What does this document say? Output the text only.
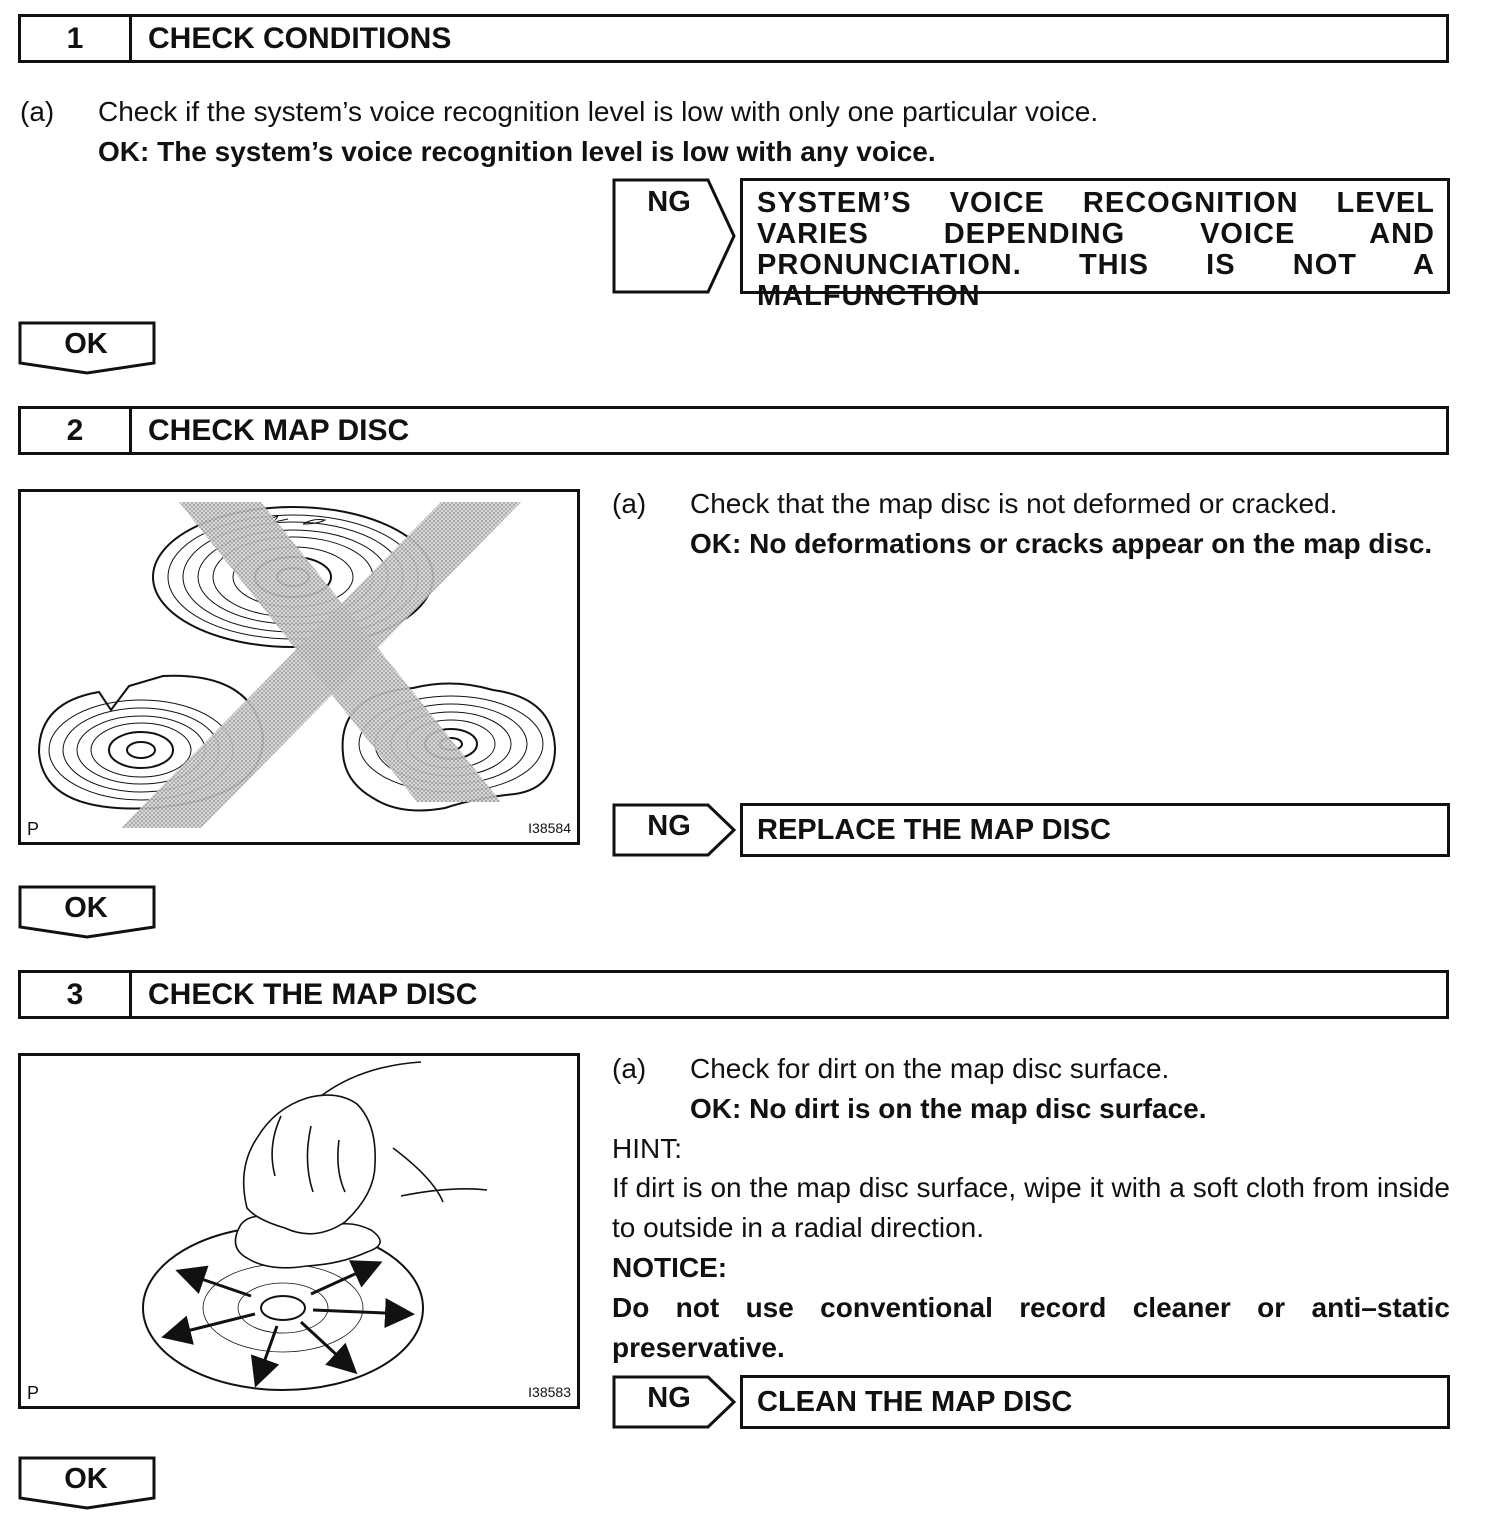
1	CHECK CONDITIONS
(a) Check if the system’s voice recognition level is low with only one particular voice.
OK: The system’s voice recognition level is low with any voice.
NG	SYSTEM’S VOICE RECOGNITION LEVEL VARIES DEPENDING VOICE AND PRONUNCIATION. THIS IS NOT A MALFUNCTION
OK
2	CHECK MAP DISC
P	I38584
(a) Check that the map disc is not deformed or cracked.
OK: No deformations or cracks appear on the map disc.
NG	REPLACE THE MAP DISC
OK
3	CHECK THE MAP DISC
P	I38583
(a) Check for dirt on the map disc surface.
OK: No dirt is on the map disc surface.
HINT:
If dirt is on the map disc surface, wipe it with a soft cloth from inside to outside in a radial direction.
NOTICE:
Do not use conventional record cleaner or anti–static preservative.
NG	CLEAN THE MAP DISC
OK
